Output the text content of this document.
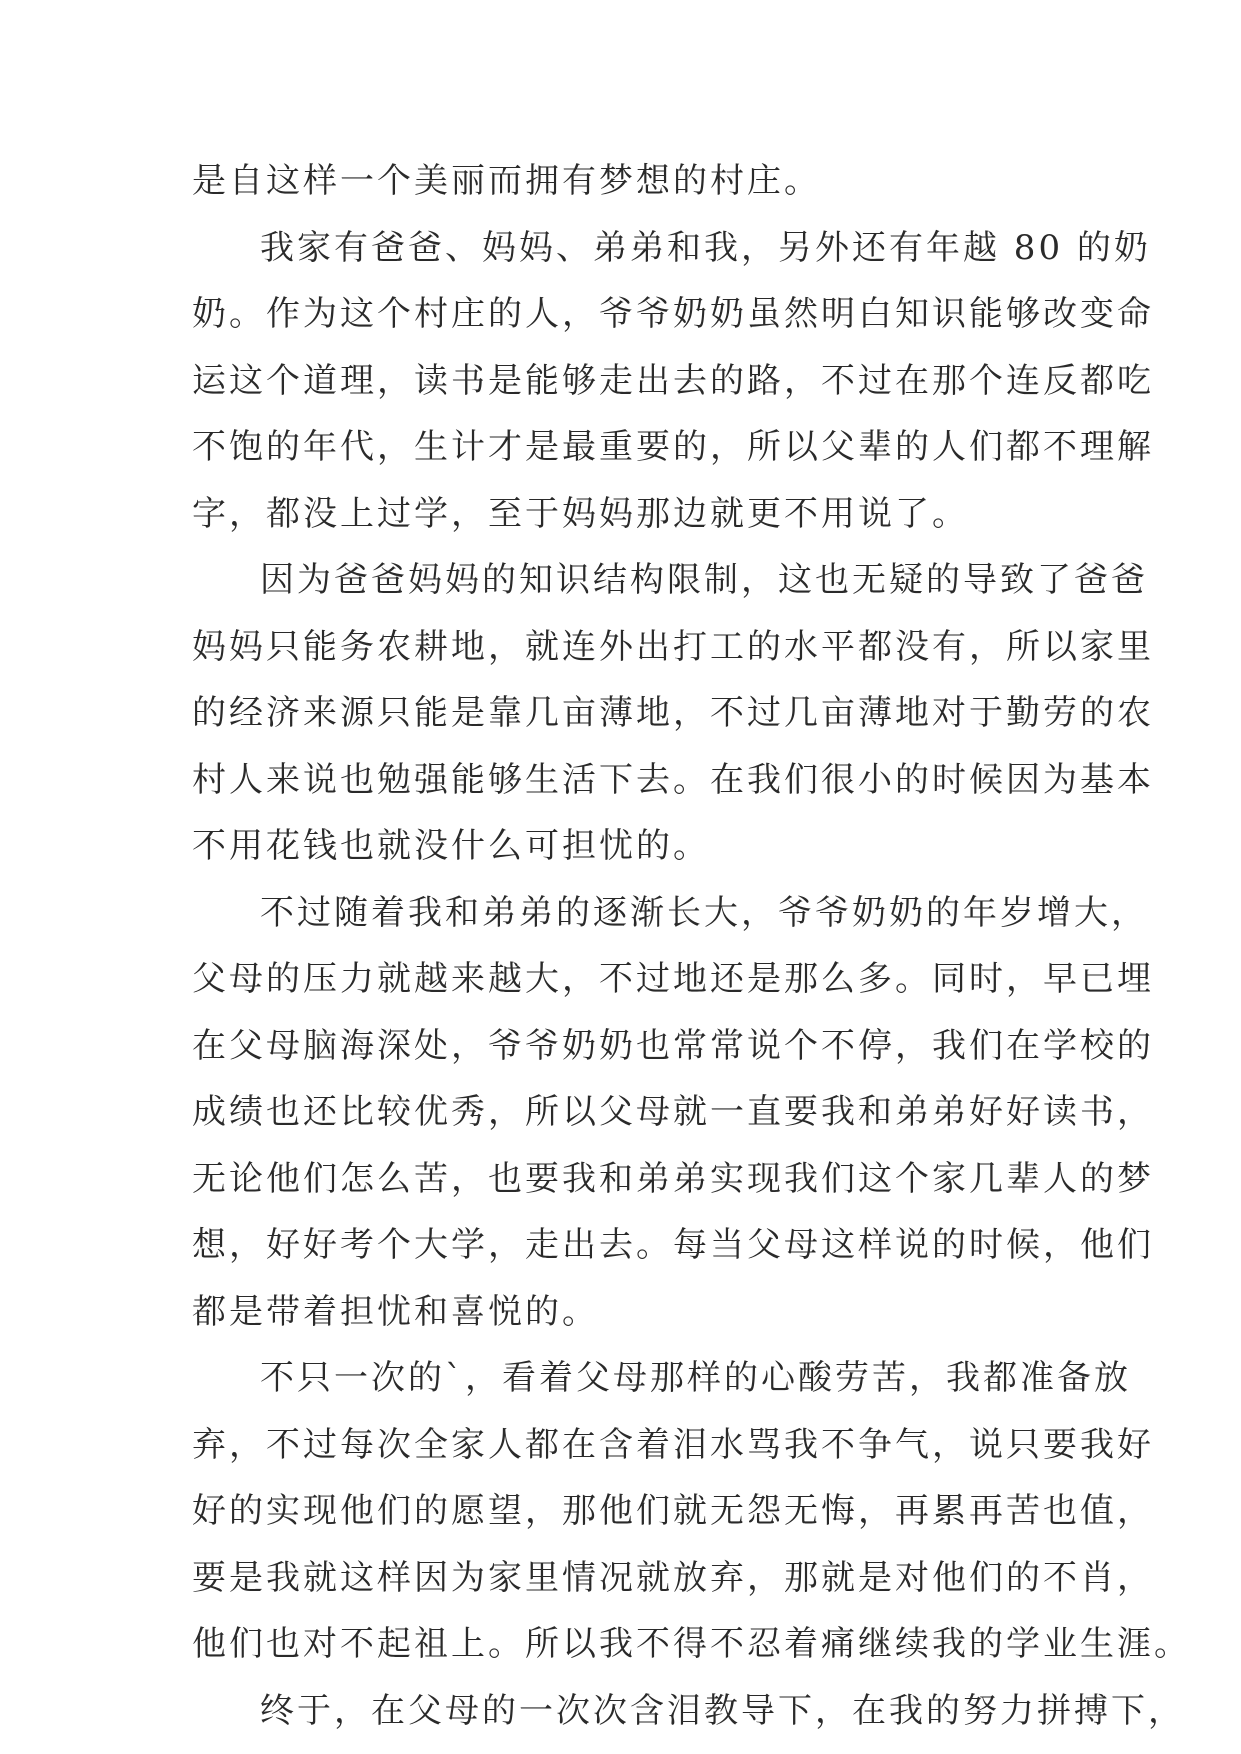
是自这样一个美丽而拥有梦想的村庄。
我家有爸爸、妈妈、弟弟和我，另外还有年越 80 的奶
奶。作为这个村庄的人，爷爷奶奶虽然明白知识能够改变命
运这个道理，读书是能够走出去的路，不过在那个连反都吃
不饱的年代，生计才是最重要的，所以父辈的人们都不理解
字，都没上过学，至于妈妈那边就更不用说了。
因为爸爸妈妈的知识结构限制，这也无疑的导致了爸爸
妈妈只能务农耕地，就连外出打工的水平都没有，所以家里
的经济来源只能是靠几亩薄地，不过几亩薄地对于勤劳的农
村人来说也勉强能够生活下去。在我们很小的时候因为基本
不用花钱也就没什么可担忧的。
不过随着我和弟弟的逐渐长大，爷爷奶奶的年岁增大，
父母的压力就越来越大，不过地还是那么多。同时，早已埋
在父母脑海深处，爷爷奶奶也常常说个不停，我们在学校的
成绩也还比较优秀，所以父母就一直要我和弟弟好好读书，
无论他们怎么苦，也要我和弟弟实现我们这个家几辈人的梦
想，好好考个大学，走出去。每当父母这样说的时候，他们
都是带着担忧和喜悦的。
不只一次的`，看着父母那样的心酸劳苦，我都准备放
弃，不过每次全家人都在含着泪水骂我不争气，说只要我好
好的实现他们的愿望，那他们就无怨无悔，再累再苦也值，
要是我就这样因为家里情况就放弃，那就是对他们的不肖，
他们也对不起祖上。所以我不得不忍着痛继续我的学业生涯。
终于，在父母的一次次含泪教导下，在我的努力拼搏下，
